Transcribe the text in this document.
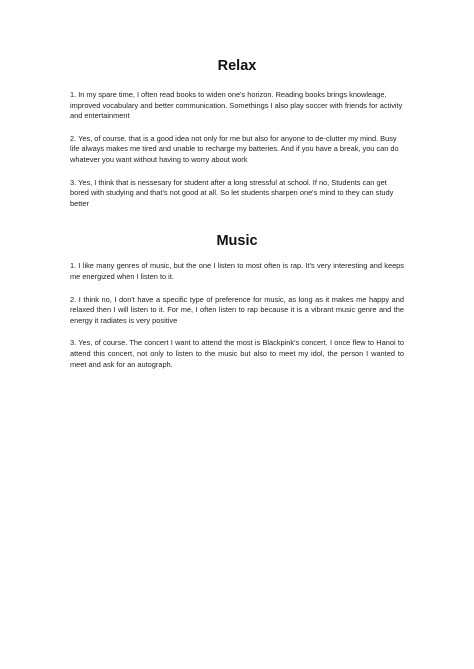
Relax

1. In my spare time, I often read books to widen one's horizon. Reading books brings knowleage, improved vocabulary and better communication. Somethings I also play soccer with friends for activity and entertainment

2. Yes, of course. that is a good idea not only for me but also for anyone to de-clutter my mind. Busy life always makes me tired and unable to recharge my batteries. And if you have a break, you can do whatever you want without having to worry about work

3. Yes, I think that is nessesary for student after a long stressful at school. If no, Students can get bored with studying and that's not good at all. So let students sharpen one's mind to they can study better

Music

1. I like many genres of music, but the one I listen to most often is rap. It's very interesting and keeps me energized when I listen to it.

2. I think no, I don't have a specific type of preference for music, as long as it makes me happy and relaxed then I will listen to it. For me, I often listen to rap because it is a vibrant music genre and the energy it radiates is very positive

3. Yes, of course. The concert I want to attend the most is Blackpink's concert. I once flew to Hanoi to attend this concert, not only to listen to the music but also to meet my idol, the person I wanted to meet and ask for an autograph.
